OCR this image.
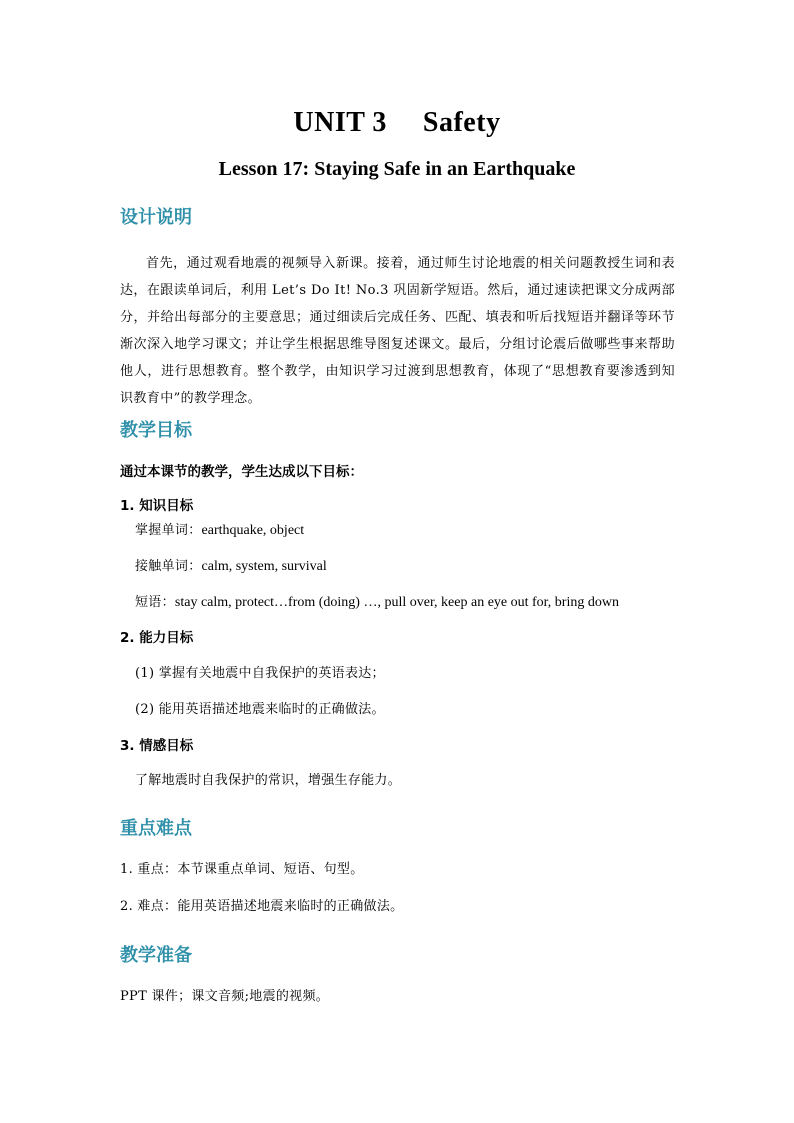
UNIT 3　 Safety
Lesson 17: Staying Safe in an Earthquake
设计说明
首先，通过观看地震的视频导入新课。接着，通过师生讨论地震的相关问题教授生词和表达，在跟读单词后，利用 Let’s Do It! No.3 巩固新学短语。然后，通过速读把课文分成两部分，并给出每部分的主要意思；通过细读后完成任务、匹配、填表和听后找短语并翻译等环节渐次深入地学习课文；并让学生根据思维导图复述课文。最后，分组讨论震后做哪些事来帮助他人，进行思想教育。整个教学，由知识学习过渡到思想教育，体现了“思想教育要渗透到知识教育中”的教学理念。
教学目标
通过本课节的教学，学生达成以下目标：
1. 知识目标
掌握单词：earthquake, object
接触单词：calm, system, survival
短语：stay calm, protect…from (doing) …, pull over, keep an eye out for, bring down
2. 能力目标
(1) 掌握有关地震中自我保护的英语表达；
(2) 能用英语描述地震来临时的正确做法。
3. 情感目标
了解地震时自我保护的常识，增强生存能力。
重点难点
1. 重点：本节课重点单词、短语、句型。
2. 难点：能用英语描述地震来临时的正确做法。
教学准备
PPT 课件；课文音频;地震的视频。
